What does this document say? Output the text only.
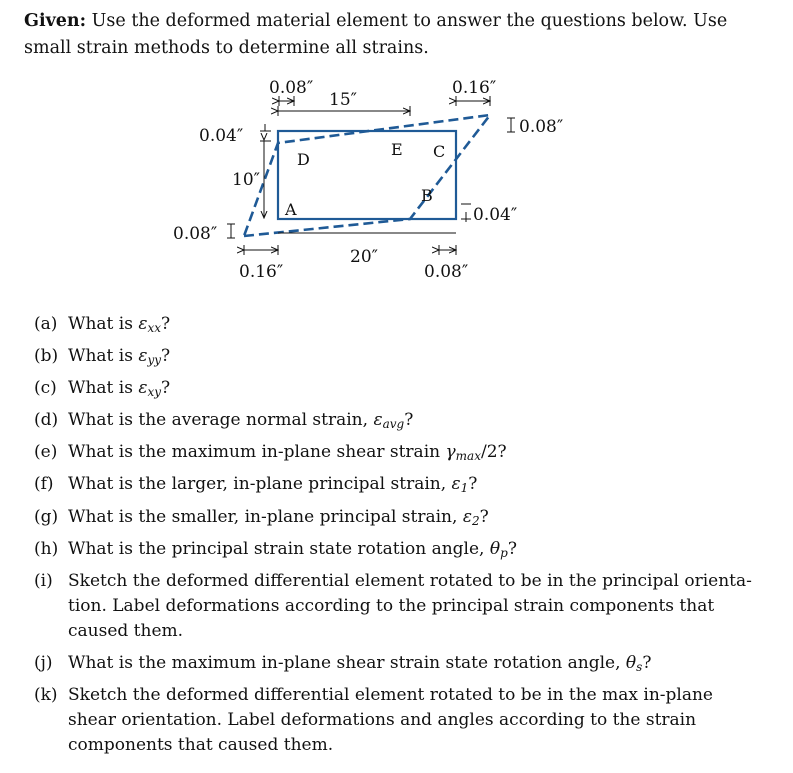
Given: Use the deformed material element to answer the questions below. Use small strain methods to determine all strains.
0.08″	0.16″
15″
0.04″
10″
0.08″
0.08″
0.04″
0.16″
20″
0.08″
A
B
C
D
E
(a) What is $\varepsilon_{xx}$?
(b) What is $\varepsilon_{yy}$?
(c) What is $\varepsilon_{xy}$?
(d) What is the average normal strain, $\varepsilon_{avg}$?
(e) What is the maximum in-plane shear strain $\gamma_{max}/2$?
(f) What is the larger, in-plane principal strain, $\varepsilon_1$?
(g) What is the smaller, in-plane principal strain, $\varepsilon_2$?
(h) What is the principal strain state rotation angle, $\theta_p$?
(i) Sketch the deformed differential element rotated to be in the principal orienta-tion. Label deformations according to the principal strain components that caused them.
(j) What is the maximum in-plane shear strain state rotation angle, $\theta_s$?
(k) Sketch the deformed differential element rotated to be in the max in-plane shear orientation. Label deformations and angles according to the strain components that caused them.
